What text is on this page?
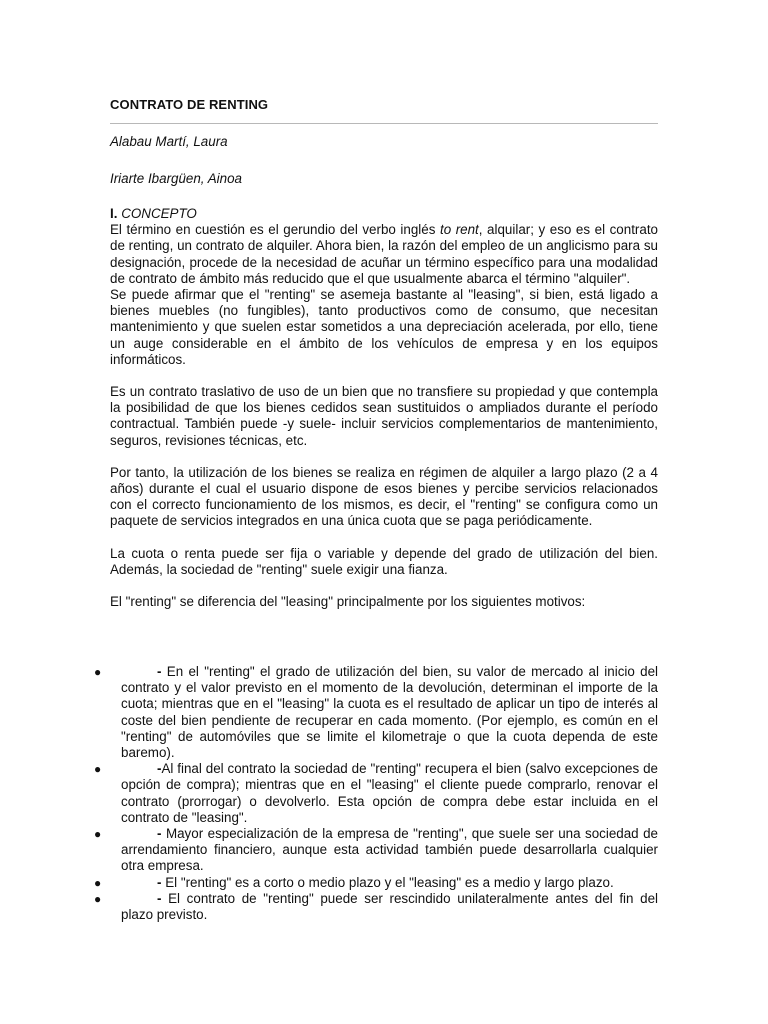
CONTRATO DE RENTING
Alabau Martí, Laura
Iriarte Ibargüen, Ainoa

I. CONCEPTO

El término en cuestión es el gerundio del verbo inglés to rent, alquilar; y eso es el contrato de renting, un contrato de alquiler. Ahora bien, la razón del empleo de un anglicismo para su designación, procede de la necesidad de acuñar un término específico para una modalidad de contrato de ámbito más reducido que el que usualmente abarca el término "alquiler".

Se puede afirmar que el "renting" se asemeja bastante al "leasing", si bien, está ligado a bienes muebles (no fungibles), tanto productivos como de consumo, que necesitan mantenimiento y que suelen estar sometidos a una depreciación acelerada, por ello, tiene un auge considerable en el ámbito de los vehículos de empresa y en los equipos informáticos.

Es un contrato traslativo de uso de un bien que no transfiere su propiedad y que contempla la posibilidad de que los bienes cedidos sean sustituidos o ampliados durante el período contractual. También puede -y suele- incluir servicios complementarios de mantenimiento, seguros, revisiones técnicas, etc.

Por tanto, la utilización de los bienes se realiza en régimen de alquiler a largo plazo (2 a 4 años) durante el cual el usuario dispone de esos bienes y percibe servicios relacionados con el correcto funcionamiento de los mismos, es decir, el "renting" se configura como un paquete de servicios integrados en una única cuota que se paga periódicamente.

La cuota o renta puede ser fija o variable y depende del grado de utilización del bien. Además, la sociedad de "renting" suele exigir una fianza.

El "renting" se diferencia del "leasing" principalmente por los siguientes motivos:

●	- En el "renting" el grado de utilización del bien, su valor de mercado al inicio del contrato y el valor previsto en el momento de la devolución, determinan el importe de la cuota; mientras que en el "leasing" la cuota es el resultado de aplicar un tipo de interés al coste del bien pendiente de recuperar en cada momento. (Por ejemplo, es común en el "renting" de automóviles que se limite el kilometraje o que la cuota dependa de este baremo).
●	-Al final del contrato la sociedad de "renting" recupera el bien (salvo excepciones de opción de compra); mientras que en el "leasing" el cliente puede comprarlo, renovar el contrato (prorrogar) o devolverlo. Esta opción de compra debe estar incluida en el contrato de "leasing".
●	- Mayor especialización de la empresa de "renting", que suele ser una sociedad de arrendamiento financiero, aunque esta actividad también puede desarrollarla cualquier otra empresa.
●	- El "renting" es a corto o medio plazo y el "leasing" es a medio y largo plazo.
●	- El contrato de "renting" puede ser rescindido unilateralmente antes del fin del plazo previsto.
